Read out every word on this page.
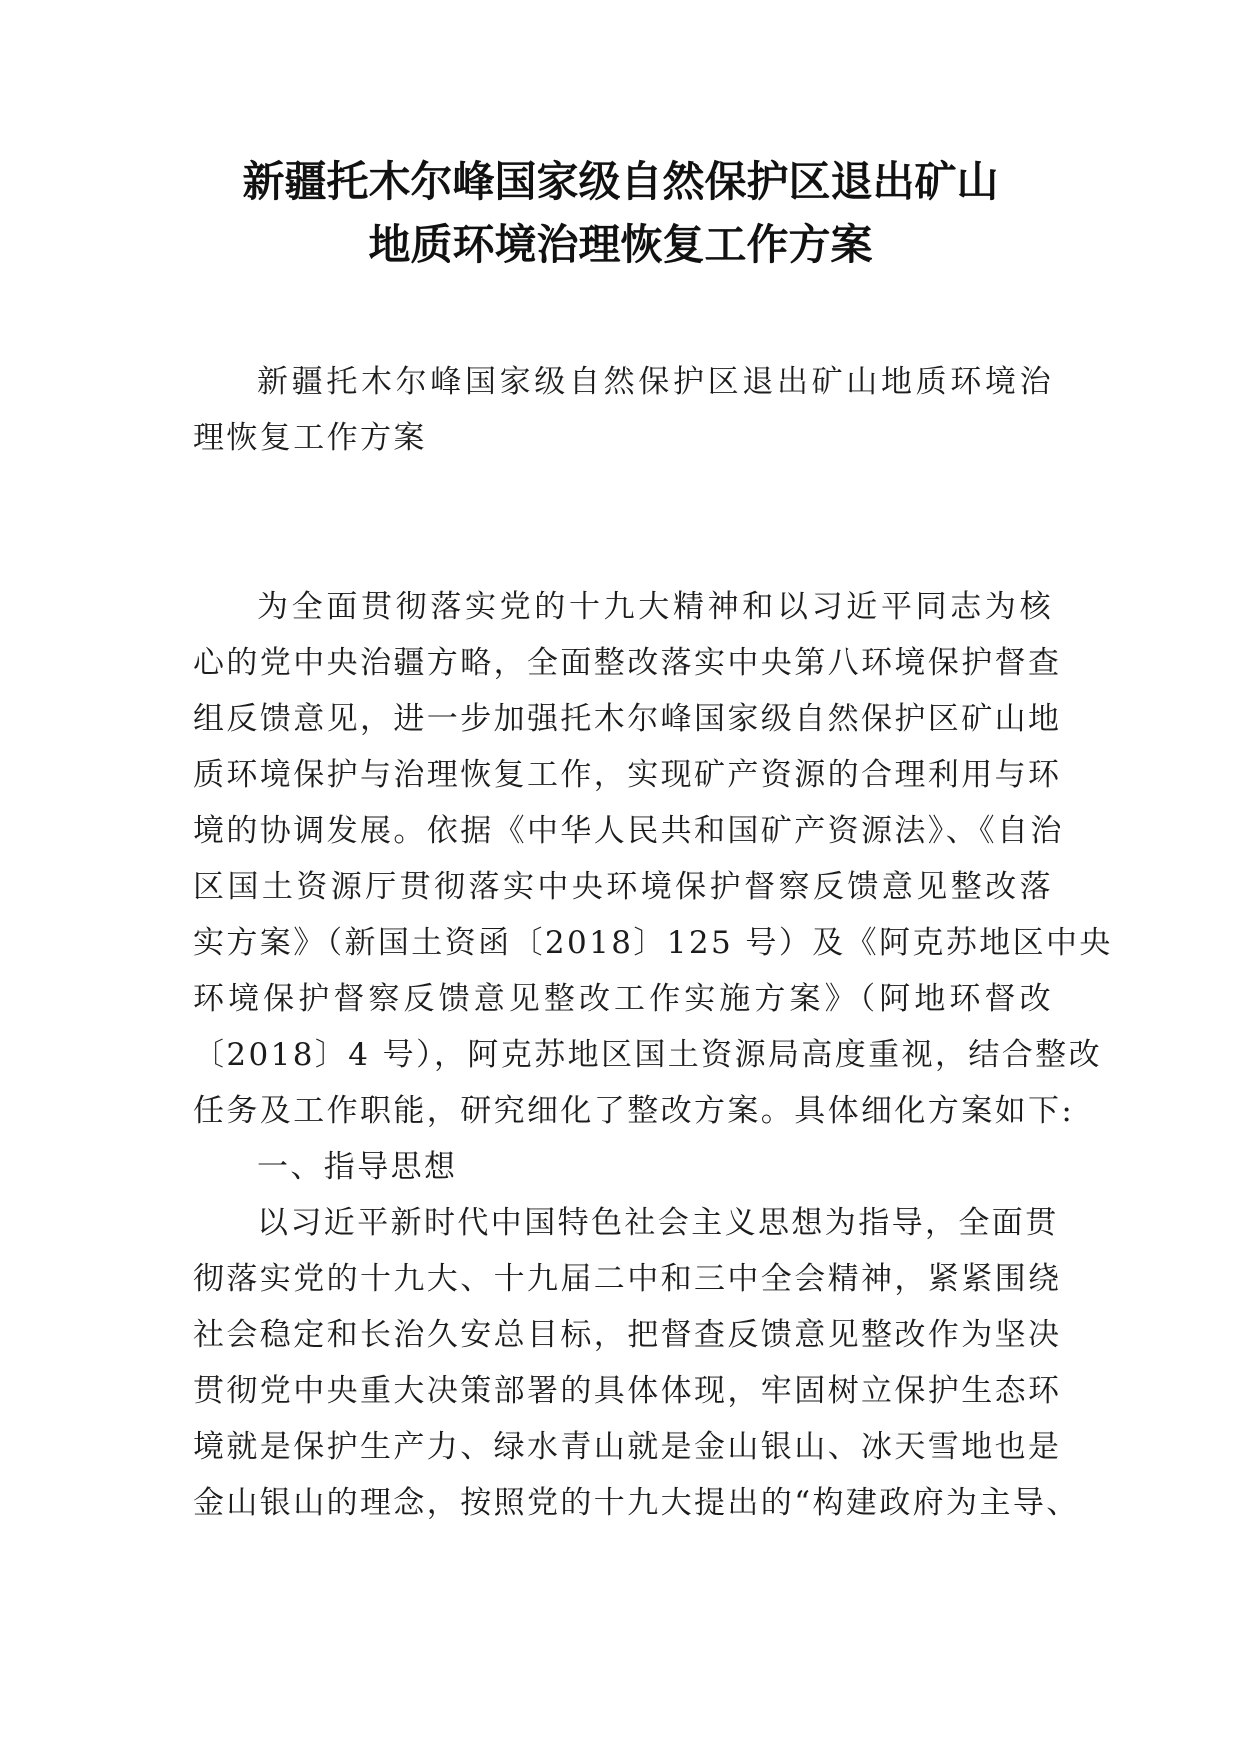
新疆托木尔峰国家级自然保护区退出矿山
地质环境治理恢复工作方案
新疆托木尔峰国家级自然保护区退出矿山地质环境治
理恢复工作方案
为全面贯彻落实党的十九大精神和以习近平同志为核
心的党中央治疆方略，全面整改落实中央第八环境保护督查
组反馈意见，进一步加强托木尔峰国家级自然保护区矿山地
质环境保护与治理恢复工作，实现矿产资源的合理利用与环
境的协调发展。依据《中华人民共和国矿产资源法》、《自治
区国土资源厅贯彻落实中央环境保护督察反馈意见整改落
实方案》（新国土资函〔2018〕125 号）及《阿克苏地区中央
环境保护督察反馈意见整改工作实施方案》（阿地环督改
〔2018〕4 号），阿克苏地区国土资源局高度重视，结合整改
任务及工作职能，研究细化了整改方案。具体细化方案如下:
一、指导思想
以习近平新时代中国特色社会主义思想为指导，全面贯
彻落实党的十九大、十九届二中和三中全会精神，紧紧围绕
社会稳定和长治久安总目标，把督查反馈意见整改作为坚决
贯彻党中央重大决策部署的具体体现，牢固树立保护生态环
境就是保护生产力、绿水青山就是金山银山、冰天雪地也是
金山银山的理念，按照党的十九大提出的“构建政府为主导、
